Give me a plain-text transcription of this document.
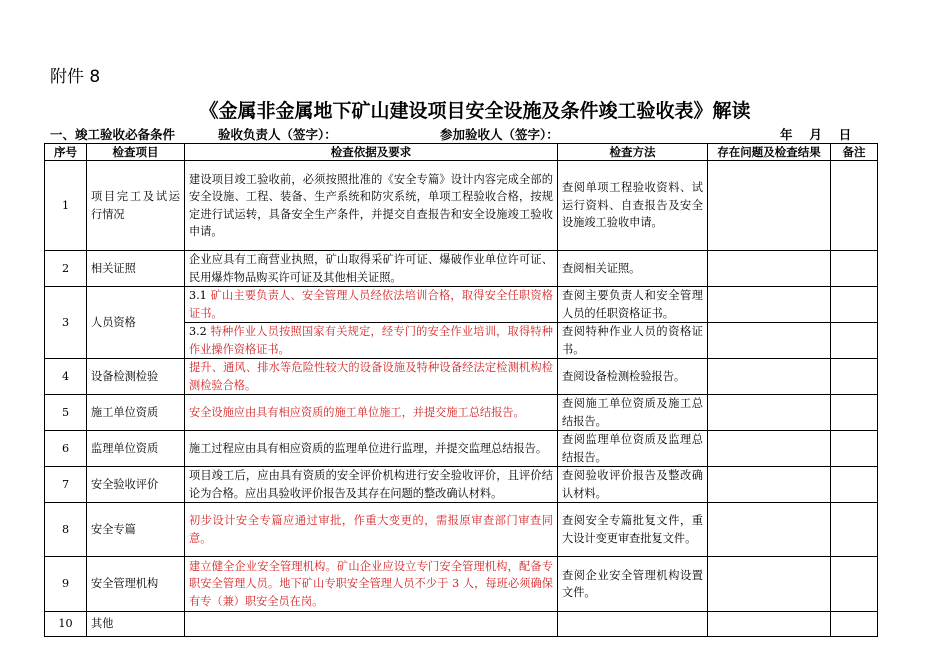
附件 8
《金属非金属地下矿山建设项目安全设施及条件竣工验收表》解读
一、竣工验收必备条件	验收负责人（签字）：	参加验收人（签字）：	年　 月　 日
序号	检查项目	检查依据及要求	检查方法	存在问题及检查结果	备注
1	项目完工及试运行情况	建设项目竣工验收前，必须按照批准的《安全专篇》设计内容完成全部的安全设施、工程、装备、生产系统和防灾系统，单项工程验收合格，按规定进行试运转，具备安全生产条件，并提交自查报告和安全设施竣工验收申请。	查阅单项工程验收资料、试运行资料、自查报告及安全设施竣工验收申请。		
2	相关证照	企业应具有工商营业执照，矿山取得采矿许可证、爆破作业单位许可证、民用爆炸物品购买许可证及其他相关证照。	查阅相关证照。		
3	人员资格	3.1 矿山主要负责人、安全管理人员经依法培训合格，取得安全任职资格证书。	查阅主要负责人和安全管理人员的任职资格证书。		
		3.2 特种作业人员按照国家有关规定，经专门的安全作业培训，取得特种作业操作资格证书。	查阅特种作业人员的资格证书。		
4	设备检测检验	提升、通风、排水等危险性较大的设备设施及特种设备经法定检测机构检测检验合格。	查阅设备检测检验报告。		
5	施工单位资质	安全设施应由具有相应资质的施工单位施工，并提交施工总结报告。	查阅施工单位资质及施工总结报告。		
6	监理单位资质	施工过程应由具有相应资质的监理单位进行监理，并提交监理总结报告。	查阅监理单位资质及监理总结报告。		
7	安全验收评价	项目竣工后，应由具有资质的安全评价机构进行安全验收评价，且评价结论为合格。应出具验收评价报告及其存在问题的整改确认材料。	查阅验收评价报告及整改确认材料。		
8	安全专篇	初步设计安全专篇应通过审批，作重大变更的，需报原审查部门审查同意。	查阅安全专篇批复文件，重大设计变更审查批复文件。		
9	安全管理机构	建立健全企业安全管理机构。矿山企业应设立专门安全管理机构，配备专职安全管理人员。地下矿山专职安全管理人员不少于 3 人，每班必须确保有专（兼）职安全员在岗。	查阅企业安全管理机构设置文件。		
10	其他				
